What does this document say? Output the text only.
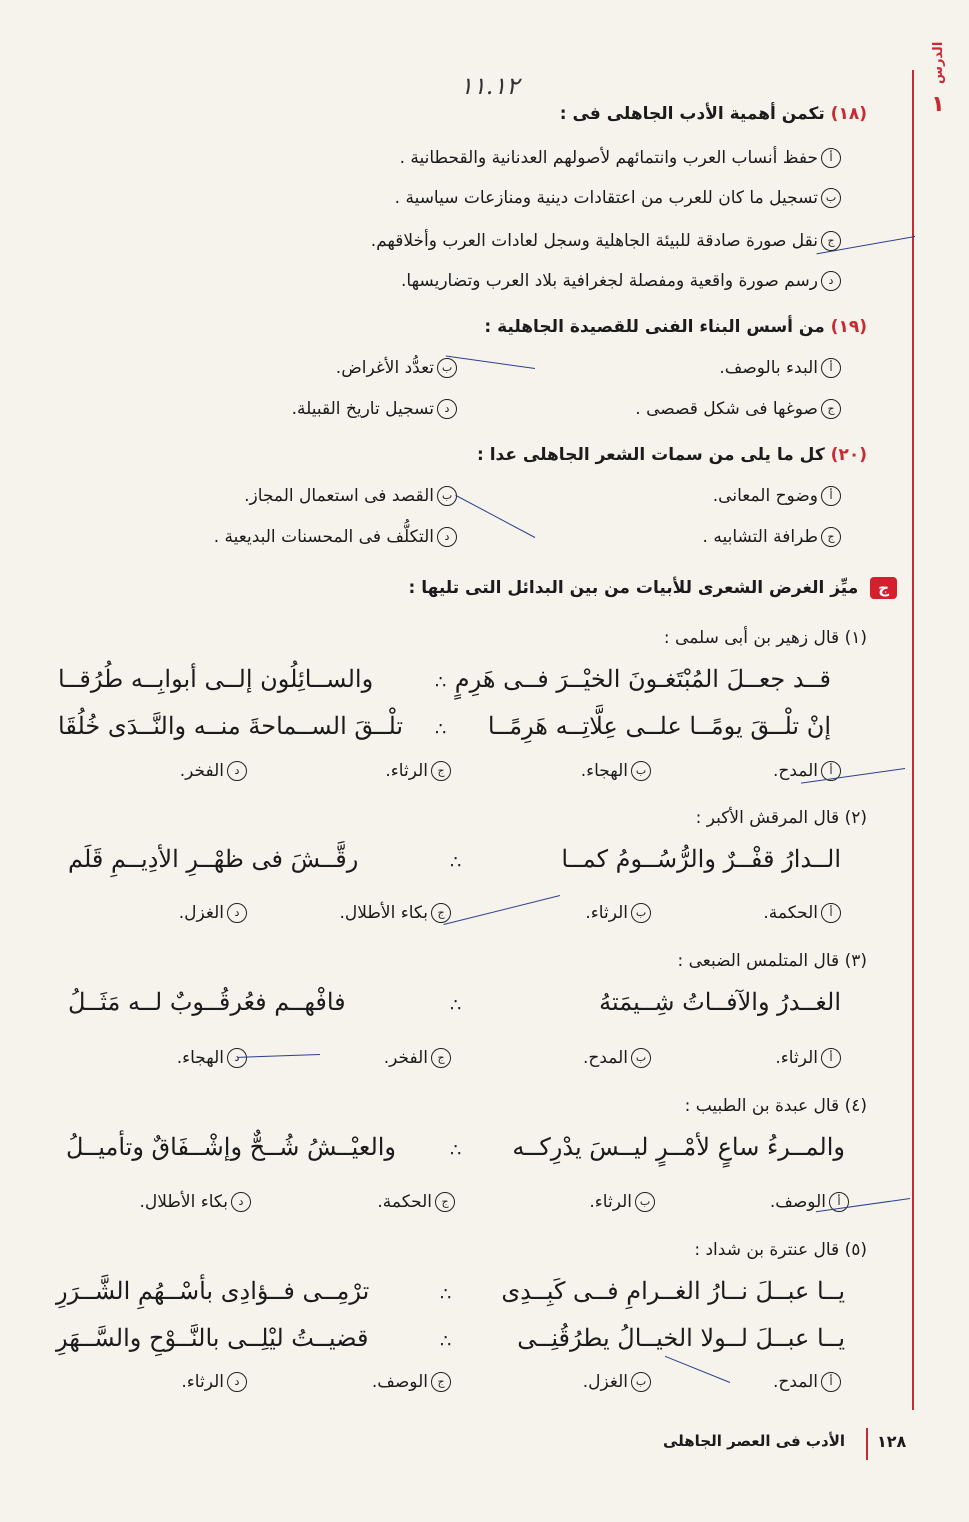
الدرس
١
١١.١٢
(١٨) تكمن أهمية الأدب الجاهلى فى :
أحفظ أنساب العرب وانتمائهم لأصولهم العدنانية والقحطانية .
بتسجيل ما كان للعرب من اعتقادات دينية ومنازعات سياسية .
جنقل صورة صادقة للبيئة الجاهلية وسجل لعادات العرب وأخلاقهم.
درسم صورة واقعية ومفصلة لجغرافية بلاد العرب وتضاريسها.
(١٩) من أسس البناء الفنى للقصيدة الجاهلية :
أالبدء بالوصف.
بتعدُّد الأغراض.
جصوغها فى شكل قصصى .
دتسجيل تاريخ القبيلة.
(٢٠) كل ما يلى من سمات الشعر الجاهلى عدا :
أوضوح المعانى.
بالقصد فى استعمال المجاز.
جطرافة التشابيه .
دالتكلُّف فى المحسنات البديعية .
ج ميِّز الغرض الشعرى للأبيات من بين البدائل التى تليها :
(١) قال زهير بن أبى سلمى :
قــد جعــلَ المُبْتَغـونَ الخيْــرَ فــى هَرِمٍ
∴
والســائِلُون إلــى أبوابِــه طُرُقــا
إنْ تلْــقَ يومًــا علــى عِلَّاتِــه هَرِمًــا
∴
تلْــقَ الســماحةَ منــه والنَّــدَى خُلُقَا
أالمدح.
بالهجاء.
جالرثاء.
دالفخر.
(٢) قال المرقش الأكبر :
الــدارُ قفْــرٌ والرُّسُــومُ كمــا
∴
رقَّــشَ فى ظهْــرِ الأدِيــمِ قَلَم
أالحكمة.
بالرثاء.
جبكاء الأطلال.
دالغزل.
(٣) قال المتلمس الضبعى :
الغــدرُ والآفــاتُ شِــيمَتهُ
∴
فافْهــم فعُرقُــوبٌ لــه مَثَــلُ
أالرثاء.
بالمدح.
جالفخر.
دالهجاء.
(٤) قال عبدة بن الطبيب :
والمــرءُ ساعٍ لأمْــرٍ ليــسَ يدْرِكــه
∴
والعيْــشُ شُــحٌّ وإشْــفَاقٌ وتأميــلُ
أالوصف.
بالرثاء.
جالحكمة.
دبكاء الأطلال.
(٥) قال عنترة بن شداد :
يــا عبــلَ نــارُ الغــرامِ فــى كَبِــدِى
∴
ترْمِــى فــؤادِى بأسْــهُمِ الشَّــرَرِ
يــا عبــلَ لــولا الخيــالُ يطرُقُنِــى
∴
قضيــتُ ليْلِــى بالنَّــوْحِ والسَّــهَرِ
أالمدح.
بالغزل.
جالوصف.
دالرثاء.
١٢٨
الأدب فى العصر الجاهلى
